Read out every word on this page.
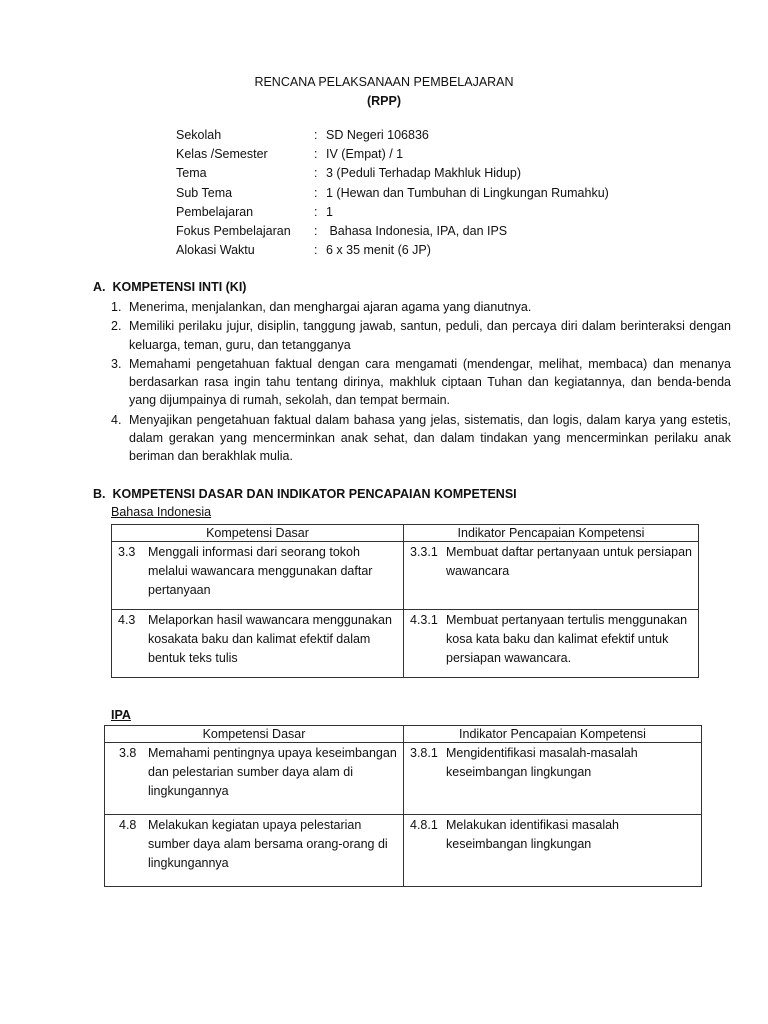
RENCANA PELAKSANAAN PEMBELAJARAN
(RPP)
Sekolah	:	SD Negeri 106836
Kelas /Semester	:	IV (Empat) / 1
Tema	:	3 (Peduli Terhadap Makhluk Hidup)
Sub Tema	:	1 (Hewan dan Tumbuhan di Lingkungan Rumahku)
Pembelajaran	:	1
Fokus Pembelajaran	:	Bahasa Indonesia, IPA, dan IPS
Alokasi Waktu	:	6 x 35 menit (6 JP)
A.  KOMPETENSI INTI (KI)
1. Menerima, menjalankan, dan menghargai ajaran agama yang dianutnya.
2. Memiliki perilaku jujur, disiplin, tanggung jawab, santun, peduli, dan percaya diri dalam berinteraksi dengan keluarga, teman, guru, dan tetangganya
3. Memahami pengetahuan faktual dengan cara mengamati (mendengar, melihat, membaca) dan menanya berdasarkan rasa ingin tahu tentang dirinya, makhluk ciptaan Tuhan dan kegiatannya, dan benda-benda yang dijumpainya di rumah, sekolah, dan tempat bermain.
4. Menyajikan pengetahuan faktual dalam bahasa yang jelas, sistematis, dan logis, dalam karya yang estetis, dalam gerakan yang mencerminkan anak sehat, dan dalam tindakan yang mencerminkan perilaku anak beriman dan berakhlak mulia.
B.  KOMPETENSI DASAR DAN INDIKATOR PENCAPAIAN KOMPETENSI
Bahasa Indonesia
Kompetensi Dasar	Indikator Pencapaian Kompetensi

3.3 Menggali informasi dari seorang tokoh melalui wawancara menggunakan daftar pertanyaan	3.3.1 Membuat daftar pertanyaan untuk persiapan wawancara

4.3 Melaporkan hasil wawancara menggunakan kosakata baku dan kalimat efektif dalam bentuk teks tulis	4.3.1 Membuat pertanyaan tertulis menggunakan kosa kata baku dan kalimat efektif untuk persiapan wawancara.
IPA
Kompetensi Dasar	Indikator Pencapaian Kompetensi

3.8 Memahami pentingnya upaya keseimbangan dan pelestarian sumber daya alam di lingkungannya	3.8.1 Mengidentifikasi masalah-masalah keseimbangan lingkungan

4.8 Melakukan kegiatan upaya pelestarian sumber daya alam bersama orang-orang di lingkungannya	4.8.1 Melakukan identifikasi masalah keseimbangan lingkungan
